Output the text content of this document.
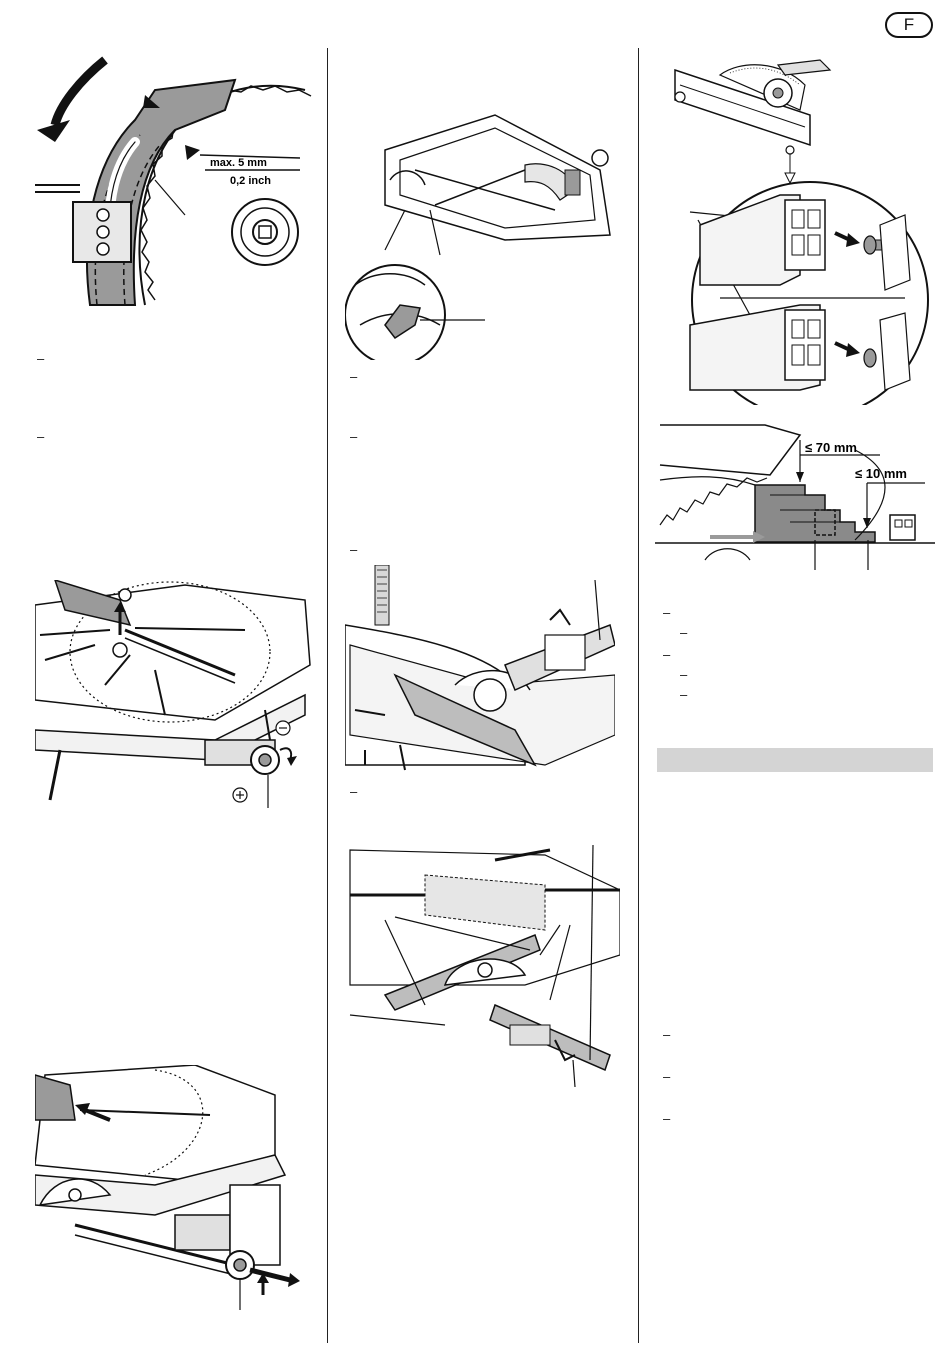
F
max. 5 mm
0,2 inch
–
–
–
–
–
–
≤ 70 mm
≤ 10 mm
–
–
–
–
–
–
–
–
